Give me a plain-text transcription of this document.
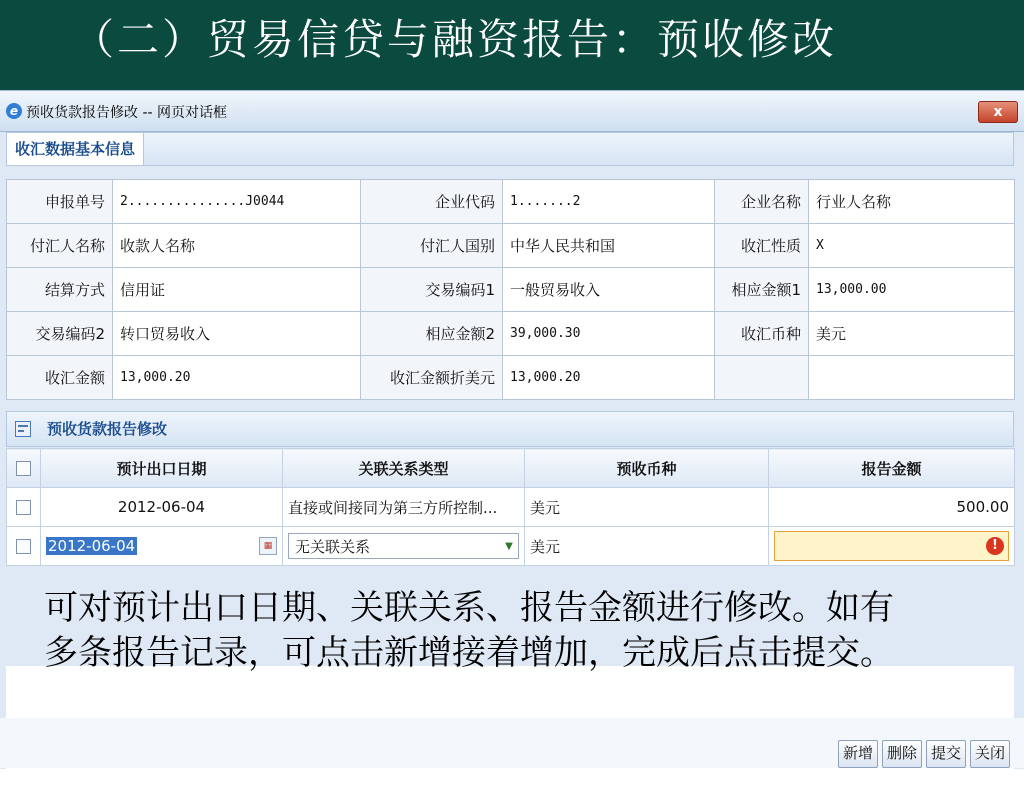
（二）贸易信贷与融资报告：预收修改
e 预收货款报告修改 -- 网页对话框	x
收汇数据基本信息
申报单号	2...............J0044	企业代码	1.......2	企业名称	行业人名称
付汇人名称	收款人名称	付汇人国别	中华人民共和国	收汇性质	X
结算方式	信用证	交易编码1	一般贸易收入	相应金额1	13,000.00
交易编码2	转口贸易收入	相应金额2	39,000.30	收汇币种	美元
收汇金额	13,000.20	收汇金额折美元	13,000.20		
预收货款报告修改
	预计出口日期	关联关系类型	预收币种	报告金额
	2012-06-04	直接或间接同为第三方所控制...	美元	500.00

	2012-06-04 ▦	无关联关系 ▼	美元	!
可对预计出口日期、关联关系、报告金额进行修改。如有多条报告记录，可点击新增接着增加，完成后点击提交。
新增 删除 提交 关闭
